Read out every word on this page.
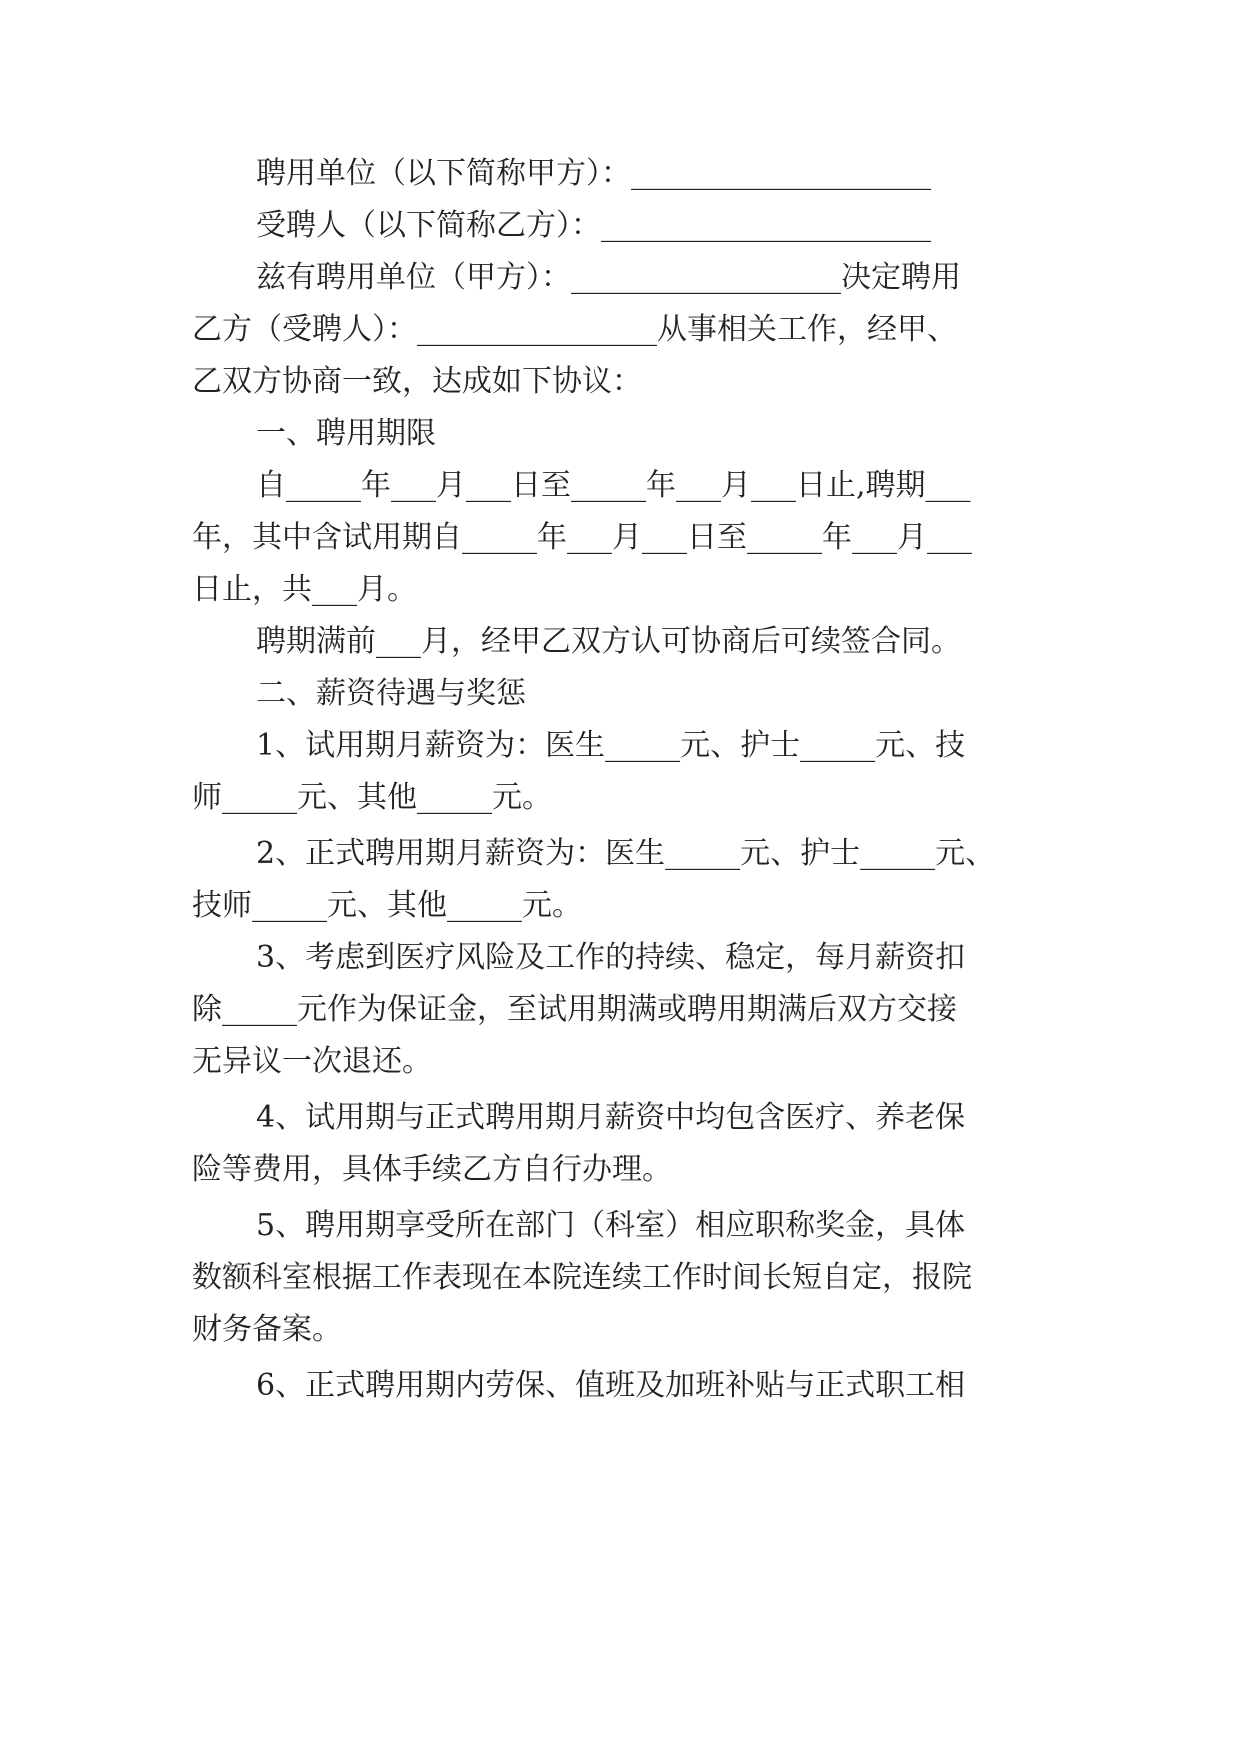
聘用单位（以下简称甲方）：____________________
受聘人（以下简称乙方）：______________________
兹有聘用单位（甲方）：__________________决定聘用
乙方（受聘人）：________________从事相关工作，经甲、
乙双方协商一致，达成如下协议：
一、聘用期限
自_____年___月___日至_____年___月___日止,聘期___
年，其中含试用期自_____年___月___日至_____年___月___
日止，共___月。
聘期满前___月，经甲乙双方认可协商后可续签合同。
二、薪资待遇与奖惩
1、试用期月薪资为：医生_____元、护士_____元、技
师_____元、其他_____元。
2、正式聘用期月薪资为：医生_____元、护士_____元、
技师_____元、其他_____元。
3、考虑到医疗风险及工作的持续、稳定，每月薪资扣
除_____元作为保证金，至试用期满或聘用期满后双方交接
无异议一次退还。
4、试用期与正式聘用期月薪资中均包含医疗、养老保
险等费用，具体手续乙方自行办理。
5、聘用期享受所在部门（科室）相应职称奖金，具体
数额科室根据工作表现在本院连续工作时间长短自定，报院
财务备案。
6、正式聘用期内劳保、值班及加班补贴与正式职工相
